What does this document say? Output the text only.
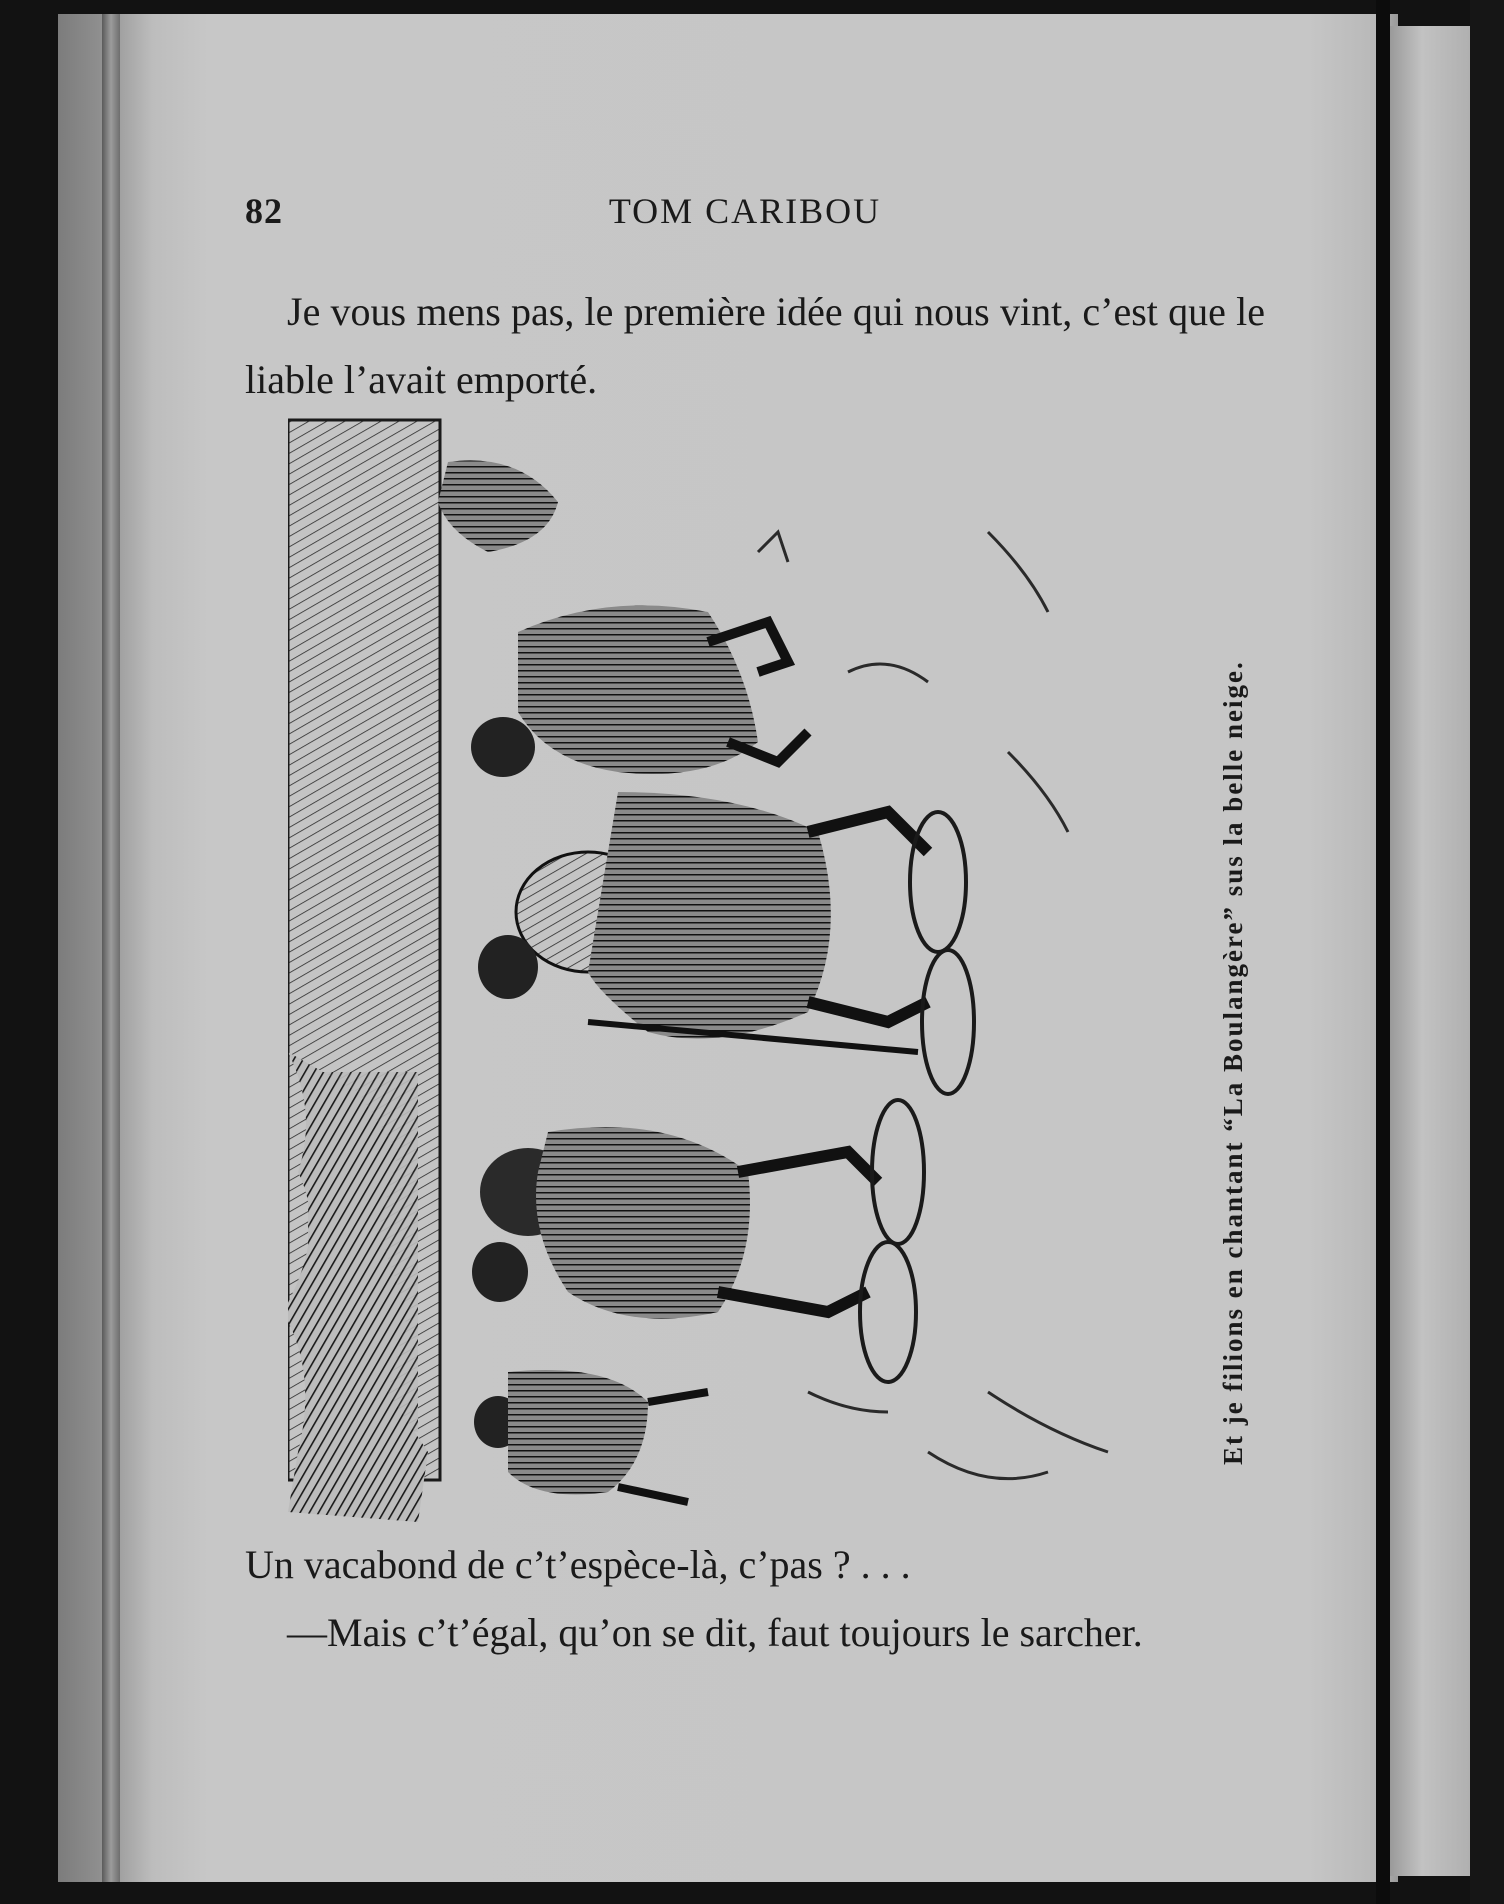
82	TOM CARIBOU

Je vous mens pas, le première idée qui nous vint, c’est que le liable l’avait emporté.

Et je filions en chantant “La Boulangère” sus la belle neige.

Un vacabond de c’t’espèce-là, c’pas ? . . .

—Mais c’t’égal, qu’on se dit, faut toujours le sarcher.
